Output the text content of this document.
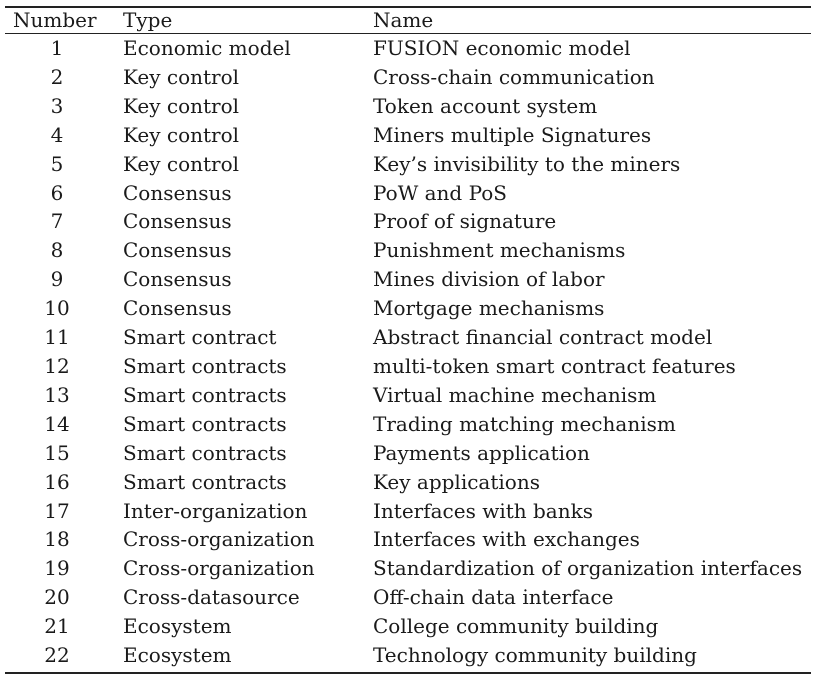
Number	Type	Name
1	Economic model	FUSION economic model
2	Key control	Cross-chain communication
3	Key control	Token account system
4	Key control	Miners multiple Signatures
5	Key control	Key’s invisibility to the miners
6	Consensus	PoW and PoS
7	Consensus	Proof of signature
8	Consensus	Punishment mechanisms
9	Consensus	Mines division of labor
10	Consensus	Mortgage mechanisms
11	Smart contract	Abstract financial contract model
12	Smart contracts	multi-token smart contract features
13	Smart contracts	Virtual machine mechanism
14	Smart contracts	Trading matching mechanism
15	Smart contracts	Payments application
16	Smart contracts	Key applications
17	Inter-organization	Interfaces with banks
18	Cross-organization	Interfaces with exchanges
19	Cross-organization	Standardization of organization interfaces
20	Cross-datasource	Off-chain data interface
21	Ecosystem	College community building
22	Ecosystem	Technology community building
